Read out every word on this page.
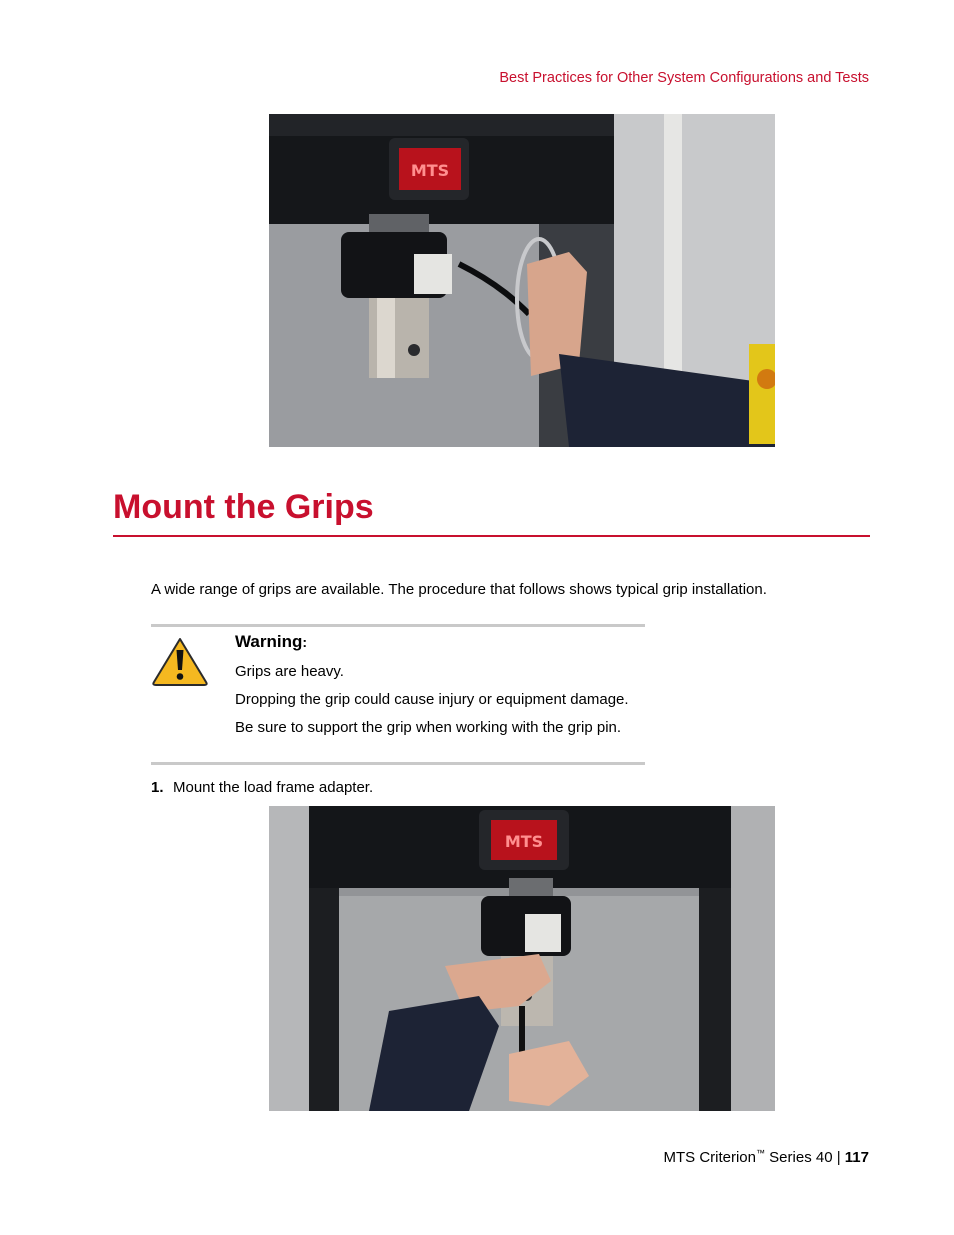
Best Practices for Other System Configurations and Tests
MTS
Mount the Grips
A wide range of grips are available. The procedure that follows shows typical grip installation.
Warning:
Grips are heavy.
Dropping the grip could cause injury or equipment damage.
Be sure to support the grip when working with the grip pin.
1. Mount the load frame adapter.
MTS
MTS Criterion™ Series 40 | 117
